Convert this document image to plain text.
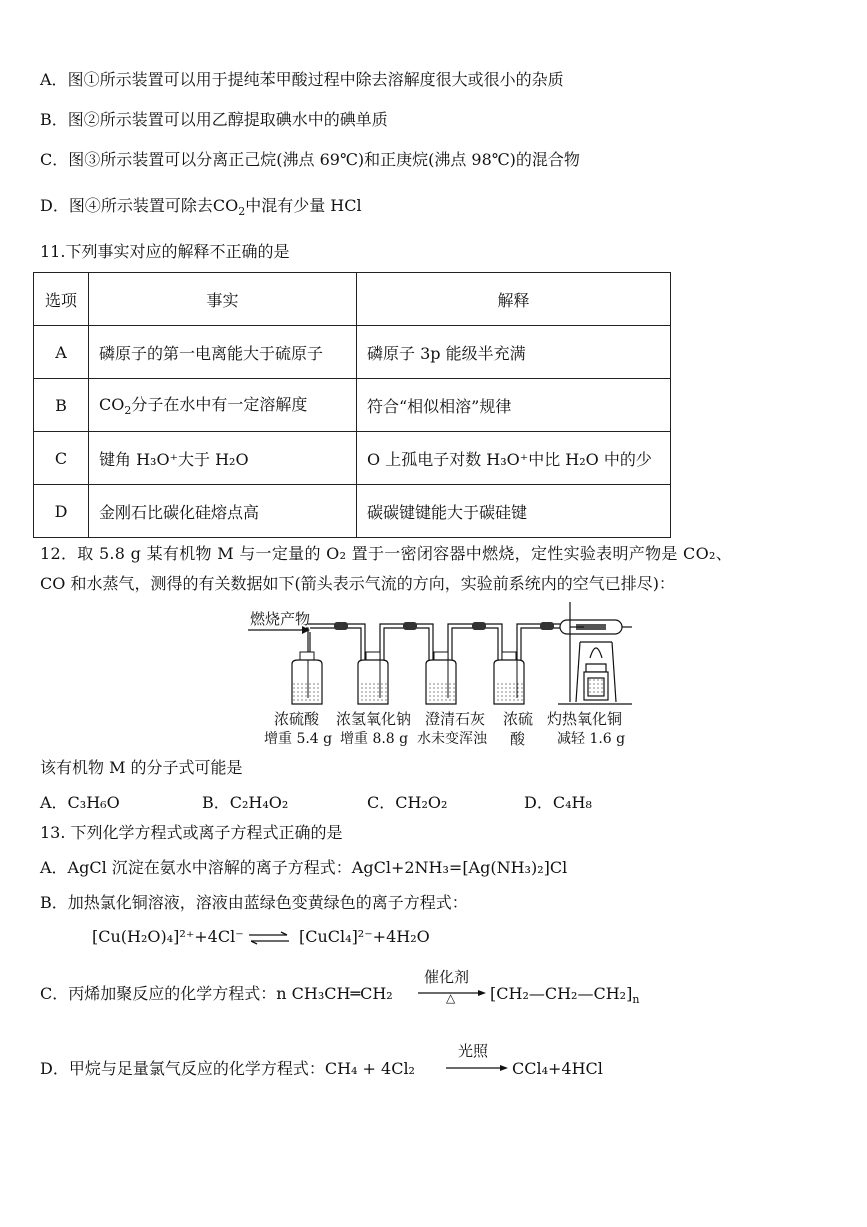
A．图①所示装置可以用于提纯苯甲酸过程中除去溶解度很大或很小的杂质
B．图②所示装置可以用乙醇提取碘水中的碘单质
C．图③所示装置可以分离正己烷(沸点 69℃)和正庚烷(沸点 98℃)的混合物
D．图④所示装置可除去$CO_2$中混有少量 HCl
11.下列事实对应的解释不正确的是
选项	事实	解释
A	磷原子的第一电离能大于硫原子	磷原子 3p 能级半充满
B	$CO_2$分子在水中有一定溶解度	符合“相似相溶”规律
C	键角 H₃O⁺大于 H₂O	O 上孤电子对数 H₃O⁺中比 H₂O 中的少
D	金刚石比碳化硅熔点高	碳碳键键能大于碳硅键
12．取 5.8 g 某有机物 M 与一定量的 O₂ 置于一密闭容器中燃烧，定性实验表明产物是 CO₂、
CO 和水蒸气，测得的有关数据如下(箭头表示气流的方向，实验前系统内的空气已排尽)：
燃烧产物
浓硫酸
增重 5.4 g
浓氢氧化钠
增重 8.8 g
澄清石灰
水未变浑浊
浓硫
酸
灼热氧化铜
减轻 1.6 g
该有机物 M 的分子式可能是
A．C₃H₆O	B．C₂H₄O₂	C．CH₂O₂	D．C₄H₈
13. 下列化学方程式或离子方程式正确的是
A．AgCl 沉淀在氨水中溶解的离子方程式：AgCl+2NH₃=[Ag(NH₃)₂]Cl
B．加热氯化铜溶液，溶液由蓝绿色变黄绿色的离子方程式：
[Cu(H₂O)₄]²⁺+4Cl⁻ ⇌ [CuCl₄]²⁻+4H₂O
C．丙烯加聚反应的化学方程式：n CH₃CH═CH₂
催化剂
△ $[CH_2—CH_2—CH_2]_n$
D．甲烷与足量氯气反应的化学方程式：CH₄ + 4Cl₂
光照
CCl₄+4HCl
